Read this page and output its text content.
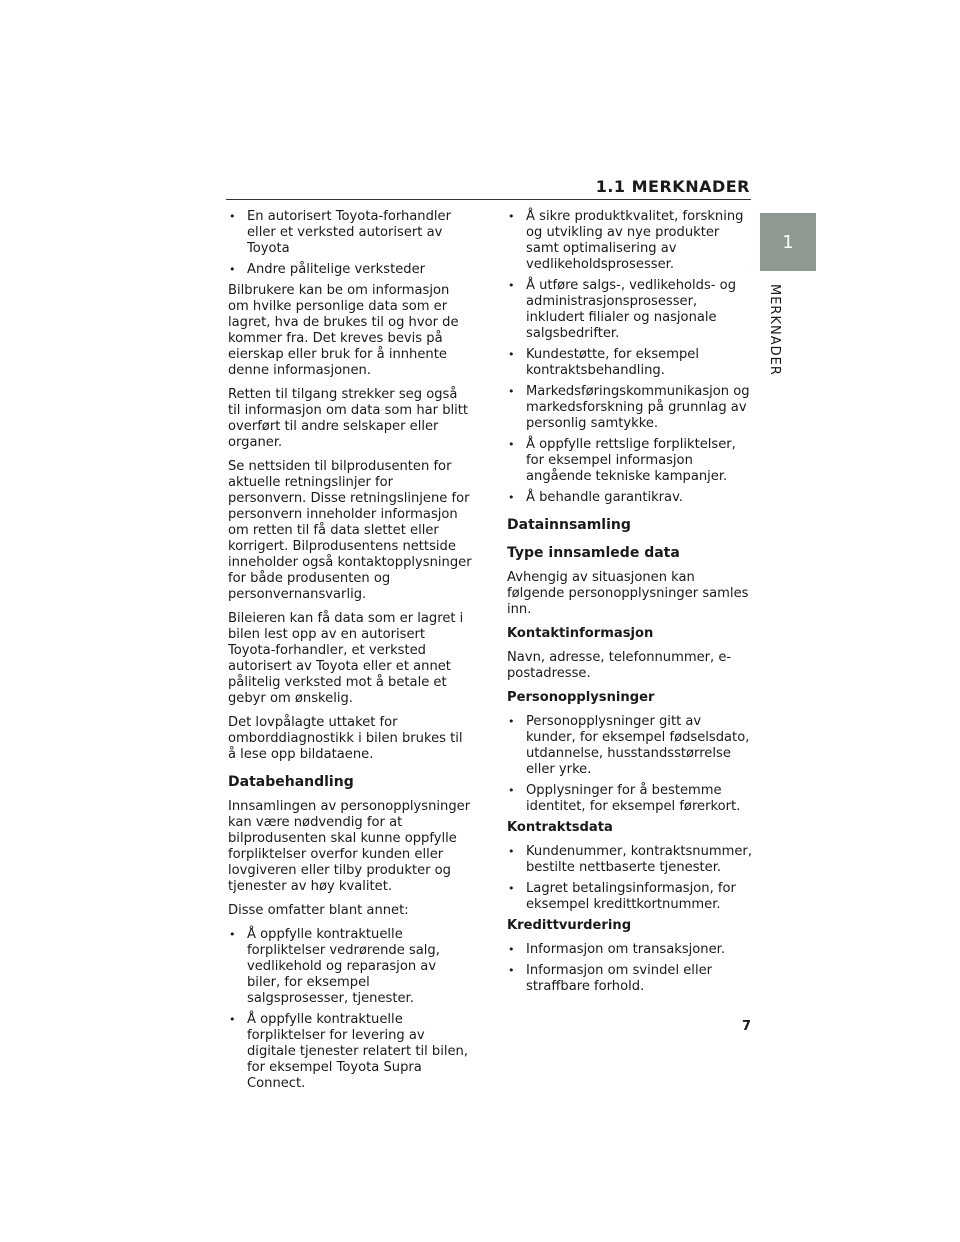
1.1 MERKNADER
1
MERKNADER
• En autorisert Toyota-forhandler eller et verksted autorisert av Toyota
• Andre pålitelige verksteder

Bilbrukere kan be om informasjon om hvilke personlige data som er lagret, hva de brukes til og hvor de kommer fra. Det kreves bevis på eierskap eller bruk for å innhente denne informasjonen.

Retten til tilgang strekker seg også til informasjon om data som har blitt overført til andre selskaper eller organer.

Se nettsiden til bilprodusenten for aktuelle retningslinjer for personvern. Disse retningslinjene for personvern inneholder informasjon om retten til få data slettet eller korrigert. Bilprodusentens nettside inneholder også kontaktopplysninger for både produsenten og personvernansvarlig.

Bileieren kan få data som er lagret i bilen lest opp av en autorisert Toyota-forhandler, et verksted autorisert av Toyota eller et annet pålitelig verksted mot å betale et gebyr om ønskelig.

Det lovpålagte uttaket for omborddiagnostikk i bilen brukes til å lese opp bildataene.

Databehandling

Innsamlingen av personopplysninger kan være nødvendig for at bilprodusenten skal kunne oppfylle forpliktelser overfor kunden eller lovgiveren eller tilby produkter og tjenester av høy kvalitet.

Disse omfatter blant annet:

• Å oppfylle kontraktuelle forpliktelser vedrørende salg, vedlikehold og reparasjon av biler, for eksempel salgsprosesser, tjenester.
• Å oppfylle kontraktuelle forpliktelser for levering av digitale tjenester relatert til bilen, for eksempel Toyota Supra Connect.
• Å sikre produktkvalitet, forskning og utvikling av nye produkter samt optimalisering av vedlikeholdsprosesser.
• Å utføre salgs-, vedlikeholds- og administrasjonsprosesser, inkludert filialer og nasjonale salgsbedrifter.
• Kundestøtte, for eksempel kontraktsbehandling.
• Markedsføringskommunikasjon og markedsforskning på grunnlag av personlig samtykke.
• Å oppfylle rettslige forpliktelser, for eksempel informasjon angående tekniske kampanjer.
• Å behandle garantikrav.
Datainnsamling
Type innsamlede data

Avhengig av situasjonen kan følgende personopplysninger samles inn.

Kontaktinformasjon

Navn, adresse, telefonnummer, e-postadresse.

Personopplysninger
• Personopplysninger gitt av kunder, for eksempel fødselsdato, utdannelse, husstandsstørrelse eller yrke.
• Opplysninger for å bestemme identitet, for eksempel førerkort.
Kontraktsdata
• Kundenummer, kontraktsnummer, bestilte nettbaserte tjenester.
• Lagret betalingsinformasjon, for eksempel kredittkortnummer.
Kredittvurdering
• Informasjon om transaksjoner.
• Informasjon om svindel eller straffbare forhold.
7
